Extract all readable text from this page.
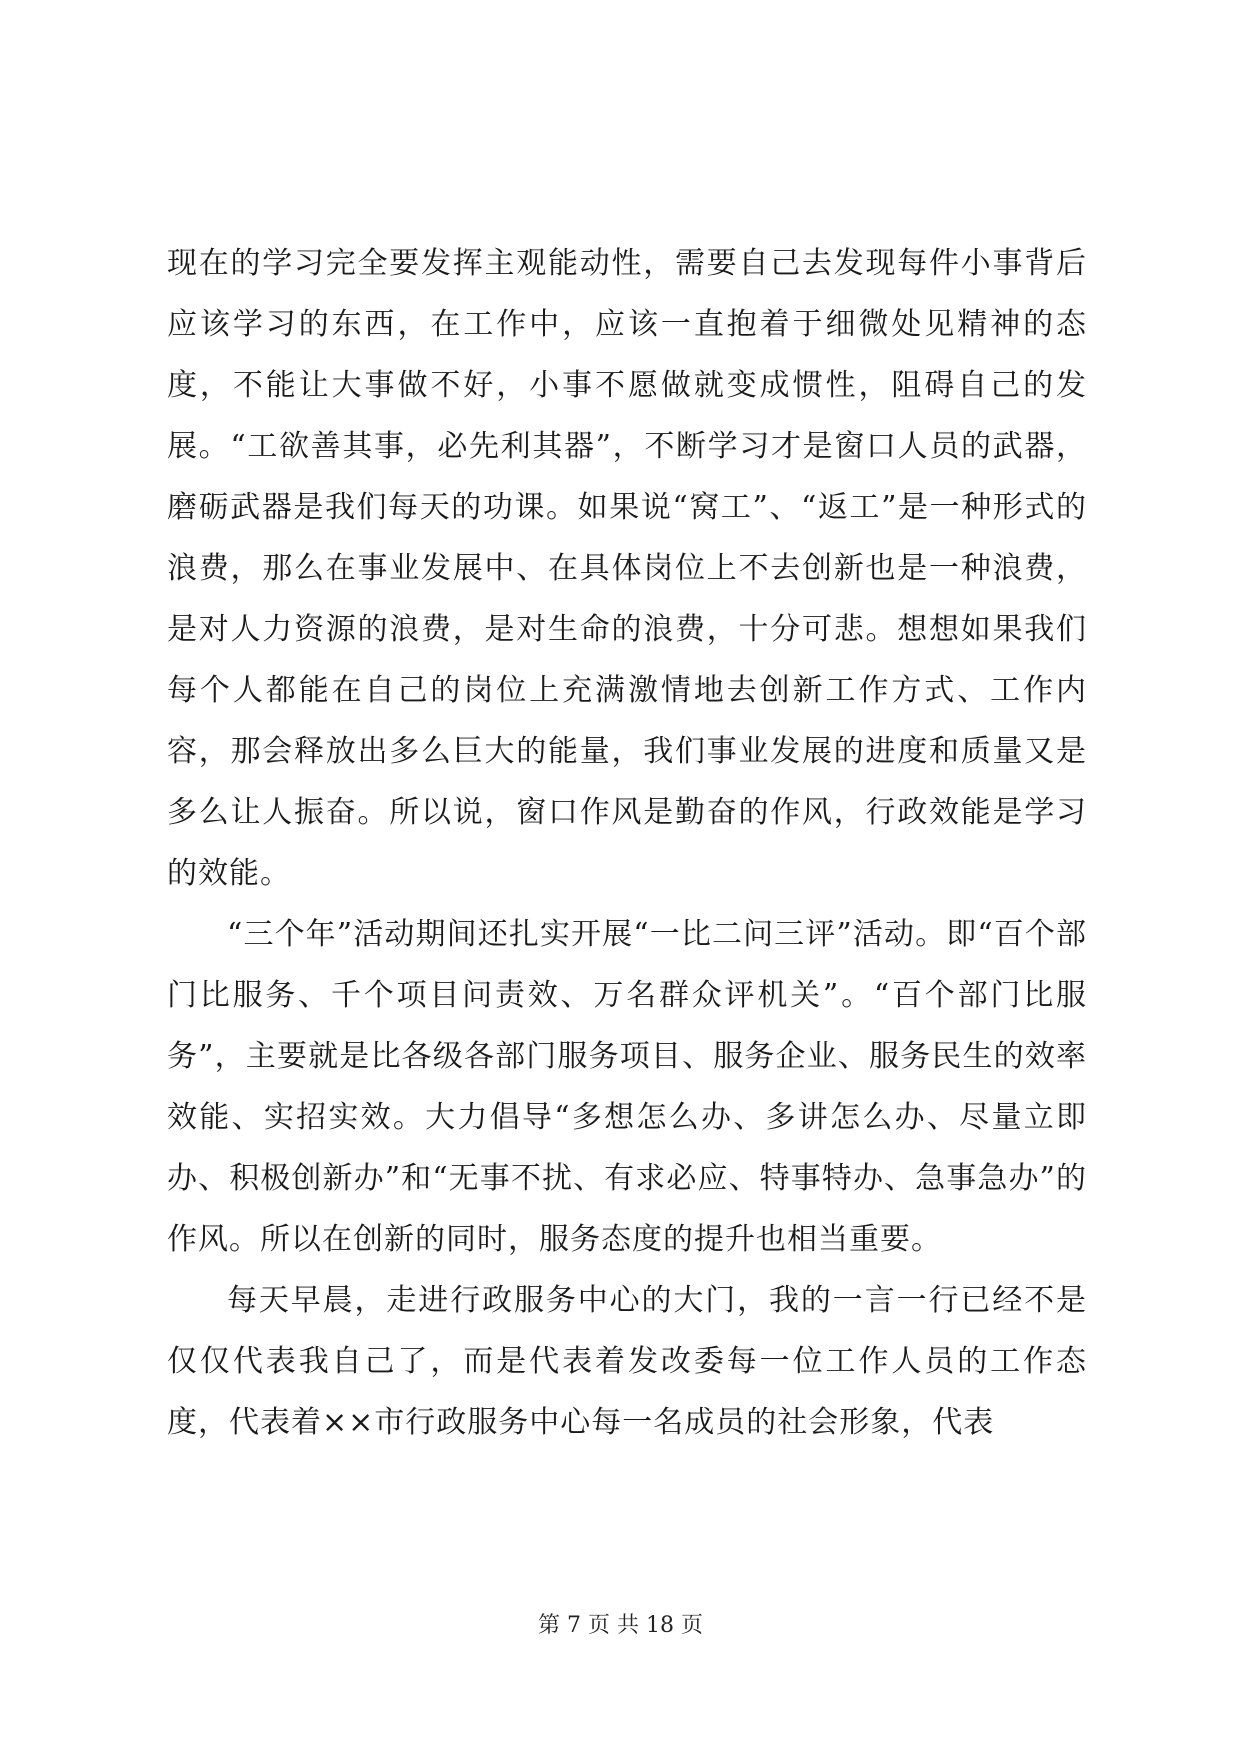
现在的学习完全要发挥主观能动性，需要自己去发现每件小事背后应该学习的东西，在工作中，应该一直抱着于细微处见精神的态度，不能让大事做不好，小事不愿做就变成惯性，阻碍自己的发展。“工欲善其事，必先利其器”，不断学习才是窗口人员的武器，磨砺武器是我们每天的功课。如果说“窝工”、“返工”是一种形式的浪费，那么在事业发展中、在具体岗位上不去创新也是一种浪费，是对人力资源的浪费，是对生命的浪费，十分可悲。想想如果我们每个人都能在自己的岗位上充满激情地去创新工作方式、工作内容，那会释放出多么巨大的能量，我们事业发展的进度和质量又是多么让人振奋。所以说，窗口作风是勤奋的作风，行政效能是学习的效能。

“三个年”活动期间还扎实开展“一比二问三评”活动。即“百个部门比服务、千个项目问责效、万名群众评机关”。“百个部门比服务”，主要就是比各级各部门服务项目、服务企业、服务民生的效率效能、实招实效。大力倡导“多想怎么办、多讲怎么办、尽量立即办、积极创新办”和“无事不扰、有求必应、特事特办、急事急办”的作风。所以在创新的同时，服务态度的提升也相当重要。

每天早晨，走进行政服务中心的大门，我的一言一行已经不是仅仅代表我自己了，而是代表着发改委每一位工作人员的工作态度，代表着××市行政服务中心每一名成员的社会形象，代表

第 7 页 共 18 页
